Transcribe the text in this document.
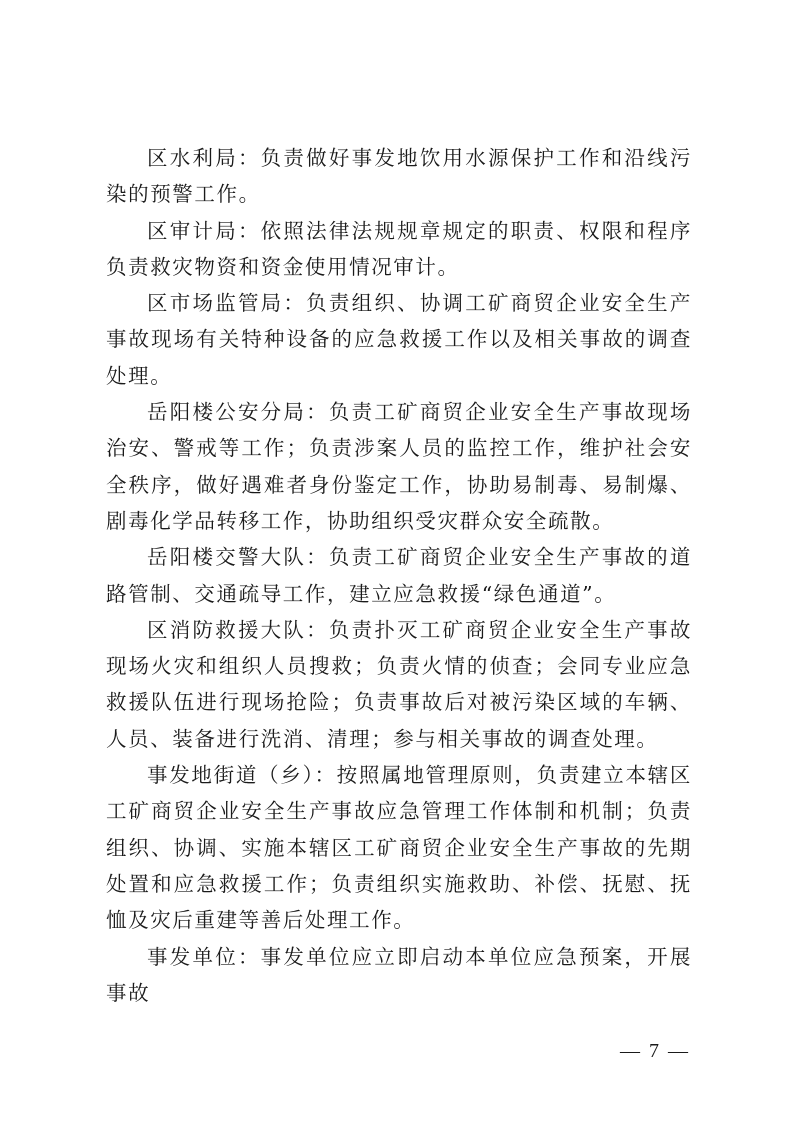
区水利局：负责做好事发地饮用水源保护工作和沿线污染的预警工作。

区审计局：依照法律法规规章规定的职责、权限和程序负责救灾物资和资金使用情况审计。

区市场监管局：负责组织、协调工矿商贸企业安全生产事故现场有关特种设备的应急救援工作以及相关事故的调查处理。

岳阳楼公安分局：负责工矿商贸企业安全生产事故现场治安、警戒等工作；负责涉案人员的监控工作，维护社会安全秩序，做好遇难者身份鉴定工作，协助易制毒、易制爆、剧毒化学品转移工作，协助组织受灾群众安全疏散。

岳阳楼交警大队：负责工矿商贸企业安全生产事故的道路管制、交通疏导工作，建立应急救援“绿色通道”。

区消防救援大队：负责扑灭工矿商贸企业安全生产事故现场火灾和组织人员搜救；负责火情的侦查；会同专业应急救援队伍进行现场抢险；负责事故后对被污染区域的车辆、人员、装备进行洗消、清理；参与相关事故的调查处理。

事发地街道（乡）：按照属地管理原则，负责建立本辖区工矿商贸企业安全生产事故应急管理工作体制和机制；负责组织、协调、实施本辖区工矿商贸企业安全生产事故的先期处置和应急救援工作；负责组织实施救助、补偿、抚慰、抚恤及灾后重建等善后处理工作。

事发单位：事发单位应立即启动本单位应急预案，开展事故

— 7 —
